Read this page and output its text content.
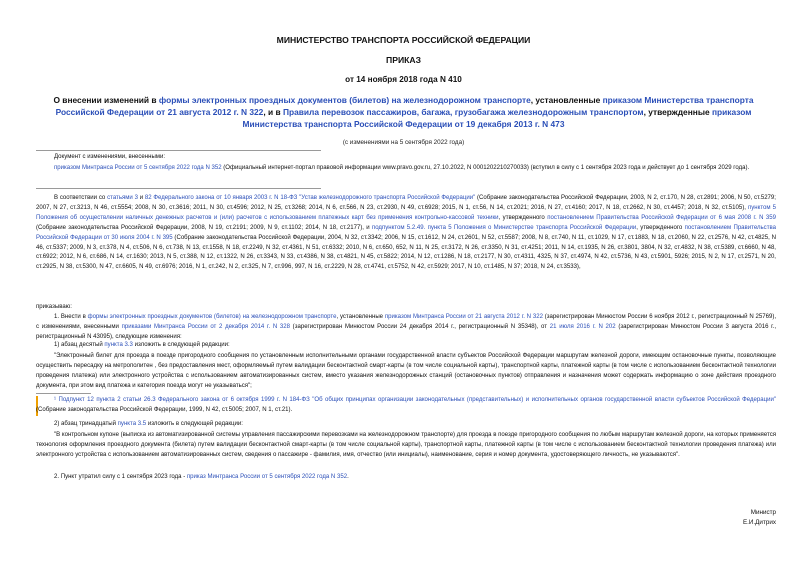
МИНИСТЕРСТВО ТРАНСПОРТА РОССИЙСКОЙ ФЕДЕРАЦИИ
ПРИКАЗ
от 14 ноября 2018 года N 410
О внесении изменений в формы электронных проездных документов (билетов) на железнодорожном транспорте, установленные приказом Министерства транспорта Российской Федерации от 21 августа 2012 г. N 322, и в Правила перевозок пассажиров, багажа, грузобагажа железнодорожным транспортом, утвержденные приказом Министерства транспорта Российской Федерации от 19 декабря 2013 г. N 473
(с изменениями на 5 сентября 2022 года)
Документ с изменениями, внесенными:
приказом Минтранса России от 5 сентября 2022 года N 352 (Официальный интернет-портал правовой информации www.pravo.gov.ru, 27.10.2022, N 0001202210270033) (вступил в силу с 1 сентября 2023 года и действует до 1 сентября 2029 года).
В соответствии со статьями 3 и 82 Федерального закона от 10 января 2003 г. N 18-ФЗ "Устав железнодорожного транспорта Российской Федерации" (Собрание законодательства Российской Федерации, 2003, N 2, ст.170, N 28, ст.2891; 2006, N 50, ст.5279; 2007, N 27, ст.3213, N 46, ст.5554; 2008, N 30, ст.3616; 2011, N 30, ст.4596; 2012, N 25, ст.3268; 2014, N 6, ст.566, N 23, ст.2930, N 49, ст.6928; 2015, N 1, ст.56, N 14, ст.2021; 2016, N 27, ст.4160; 2017, N 18, ст.2662, N 30, ст.4457; 2018, N 32, ст.5105), пунктом 5 Положения об осуществлении наличных денежных расчетов и (или) расчетов с использованием платежных карт без применения контрольно-кассовой техники, утвержденного постановлением Правительства Российской Федерации от 6 мая 2008 г. N 359 (Собрание законодательства Российской Федерации, 2008, N 19, ст.2191; 2009, N 9, ст.1102; 2014, N 18, ст.2177), и подпунктом 5.2.49. пункта 5 Положения о Министерстве транспорта Российской Федерации, утвержденного постановлением Правительства Российской Федерации от 30 июля 2004 г. N 395 (Собрание законодательства Российской Федерации, 2004, N 32, ст.3342; 2006, N 15, ст.1612, N 24, ст.2601, N 52, ст.5587; 2008, N 8, ст.740, N 11, ст.1029, N 17, ст.1883, N 18, ст.2060, N 22, ст.2576, N 42, ст.4825, N 46, ст.5337; 2009, N 3, ст.378, N 4, ст.506, N 6, ст.738, N 13, ст.1558, N 18, ст.2249, N 32, ст.4361, N 51, ст.6332; 2010, N 6, ст.650, 652, N 11, N 25, ст.3172, N 26, ст.3350, N 31, ст.4251; 2011, N 14, ст.1935, N 26, ст.3801, 3804, N 32, ст.4832, N 38, ст.5389, ст.6660, N 48, ст.6922; 2012, N 6, ст.686, N 14, ст.1630; 2013, N 5, ст.388, N 12, ст.1322, N 26, ст.3343, N 33, ст.4386, N 38, ст.4821, N 45, ст.5822; 2014, N 12, ст.1286, N 18, ст.2177, N 30, ст.4311, 4325, N 37, ст.4974, N 42, ст.5736, N 43, ст.5901, 5926; 2015, N 2, N 17, ст.2571, N 20, ст.2925, N 38, ст.5300, N 47, ст.6605, N 49, ст.6976; 2016, N 1, ст.242, N 2, ст.325, N 7, ст.996, 997, N 16, ст.2229, N 28, ст.4741, ст.5752, N 42, ст.5929; 2017, N 10, ст.1485, N 37; 2018, N 24, ст.3533),
приказываю:
1. Внести в формы электронных проездных документов (билетов) на железнодорожном транспорте, установленные приказом Минтранса России от 21 августа 2012 г. N 322 (зарегистрирован Минюстом России 6 ноября 2012 г., регистрационный N 25769), с изменениями, внесенными приказами Минтранса России от 2 декабря 2014 г. N 328 (зарегистрирован Минюстом России 24 декабря 2014 г., регистрационный N 35348), от 21 июля 2016 г. N 202 (зарегистрирован Минюстом России 3 августа 2016 г., регистрационный N 43095), следующие изменения:
1) абзац десятый пункта 3.3 изложить в следующей редакции:
"Электронный билет для проезда в поезде пригородного сообщения по установленным исполнительными органами государственной власти субъектов Российской Федерации маршрутам железной дороги, имеющим остановочные пункты, позволяющие осуществить пересадку на метрополитен , без предоставления мест, оформляемый путем валидации бесконтактной смарт-карты (в том числе социальной карты), транспортной карты, платежной карты (в том числе с использованием бесконтактной технологии проведения платежа) или электронного устройства с использованием автоматизированных систем, вместо указания железнодорожных станций (остановочных пунктов) отправления и назначения может содержать информацию о зоне действия проездного документа, при этом вид платежа и категория поезда могут не указываться";
¹ Подпункт 12 пункта 2 статьи 26.3 Федерального закона от 6 октября 1999 г. N 184-ФЗ "Об общих принципах организации законодательных (представительных) и исполнительных органов государственной власти субъектов Российской Федерации" (Собрание законодательства Российской Федерации, 1999, N 42, ст.5005; 2007, N 1, ст.21).
2) абзац тринадцатый пункта 3.5 изложить в следующей редакции:
"В контрольном купоне (выписка из автоматизированной системы управления пассажирскими перевозками на железнодорожном транспорте) для проезда в поезде пригородного сообщения по любым маршрутам железной дороги, на которых применяется технология оформления проездного документа (билета) путем валидации бесконтактной смарт-карты (в том числе социальной карты), транспортной карты, платежной карты (в том числе с использованием бесконтактной технологии проведения платежа) или электронного устройства с использованием автоматизированных систем, сведения о пассажире - фамилия, имя, отчество (или инициалы), наименование, серия и номер документа, удостоверяющего личность, не указываются".
2. Пункт утратил силу с 1 сентября 2023 года - приказ Минтранса России от 5 сентября 2022 года N 352.
Министр
Е.И.Дитрих
